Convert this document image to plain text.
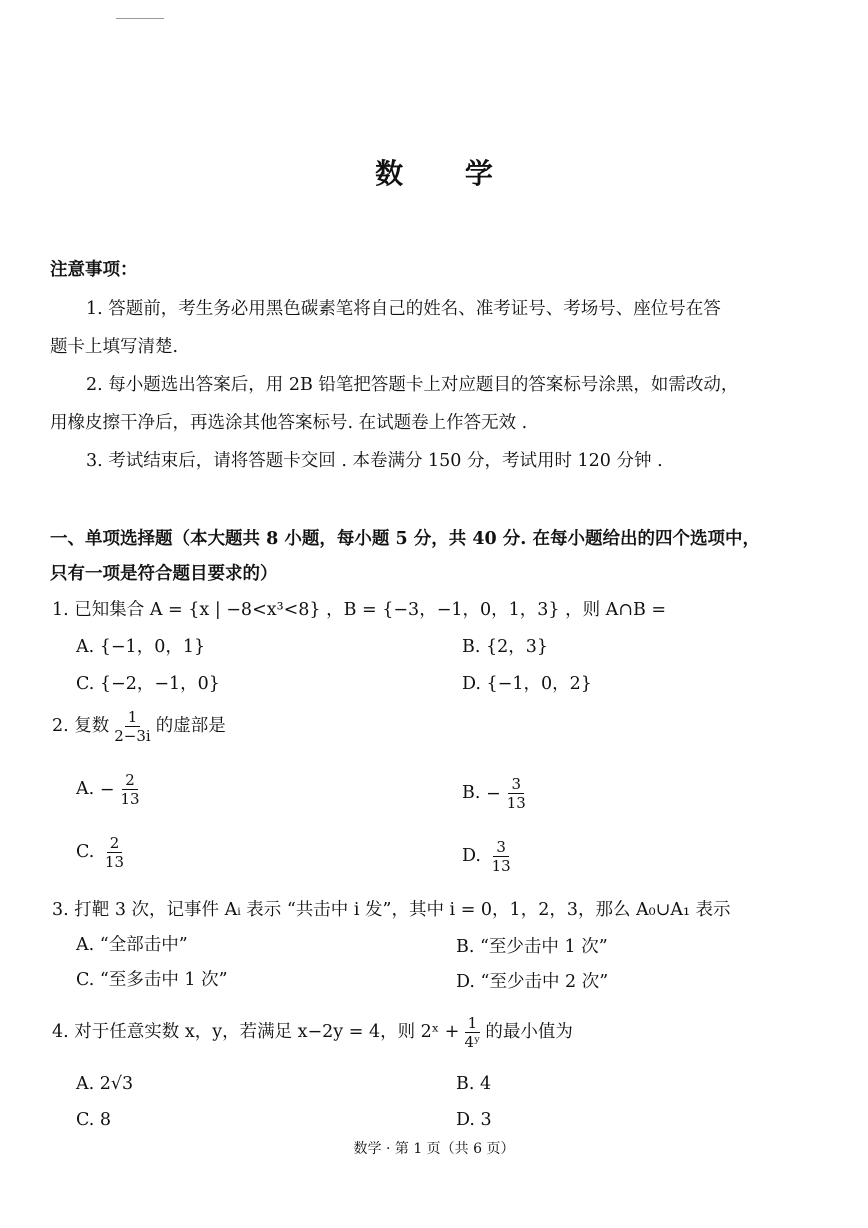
数 学
注意事项：
1. 答题前，考生务必用黑色碳素笔将自己的姓名、准考证号、考场号、座位号在答
题卡上填写清楚.
2. 每小题选出答案后，用 2B 铅笔把答题卡上对应题目的答案标号涂黑，如需改动，
用橡皮擦干净后，再选涂其他答案标号. 在试题卷上作答无效 .
3. 考试结束后，请将答题卡交回 . 本卷满分 150 分，考试用时 120 分钟 .
一、单项选择题（本大题共 8 小题，每小题 5 分，共 40 分. 在每小题给出的四个选项中，
只有一项是符合题目要求的）
1. 已知集合 A = {x | −8<x³<8} ，B = {−3，−1，0，1，3} ，则 A∩B =
A. {−1，0，1}	B. {2，3}
C. {−2，−1，0}	D. {−1，0，2}
2. 复数 $\frac{1}{2-3i}$ 的虚部是
A. − $\frac{2}{13}$	B. − $\frac{3}{13}$
C. $\frac{2}{13}$	D. $\frac{3}{13}$
3. 打靶 3 次，记事件 Aᵢ 表示 “共击中 i 发”，其中 i = 0，1，2，3，那么 A₀∪A₁ 表示
A. “全部击中”	B. “至少击中 1 次”
C. “至多击中 1 次”	D. “至少击中 2 次”
4. 对于任意实数 x，y，若满足 x−2y = 4，则 2ˣ + $\frac{1}{\text{4ʸ}}$ 的最小值为
A. 2√3	B. 4
C. 8	D. 3
数学 · 第 1 页（共 6 页）
